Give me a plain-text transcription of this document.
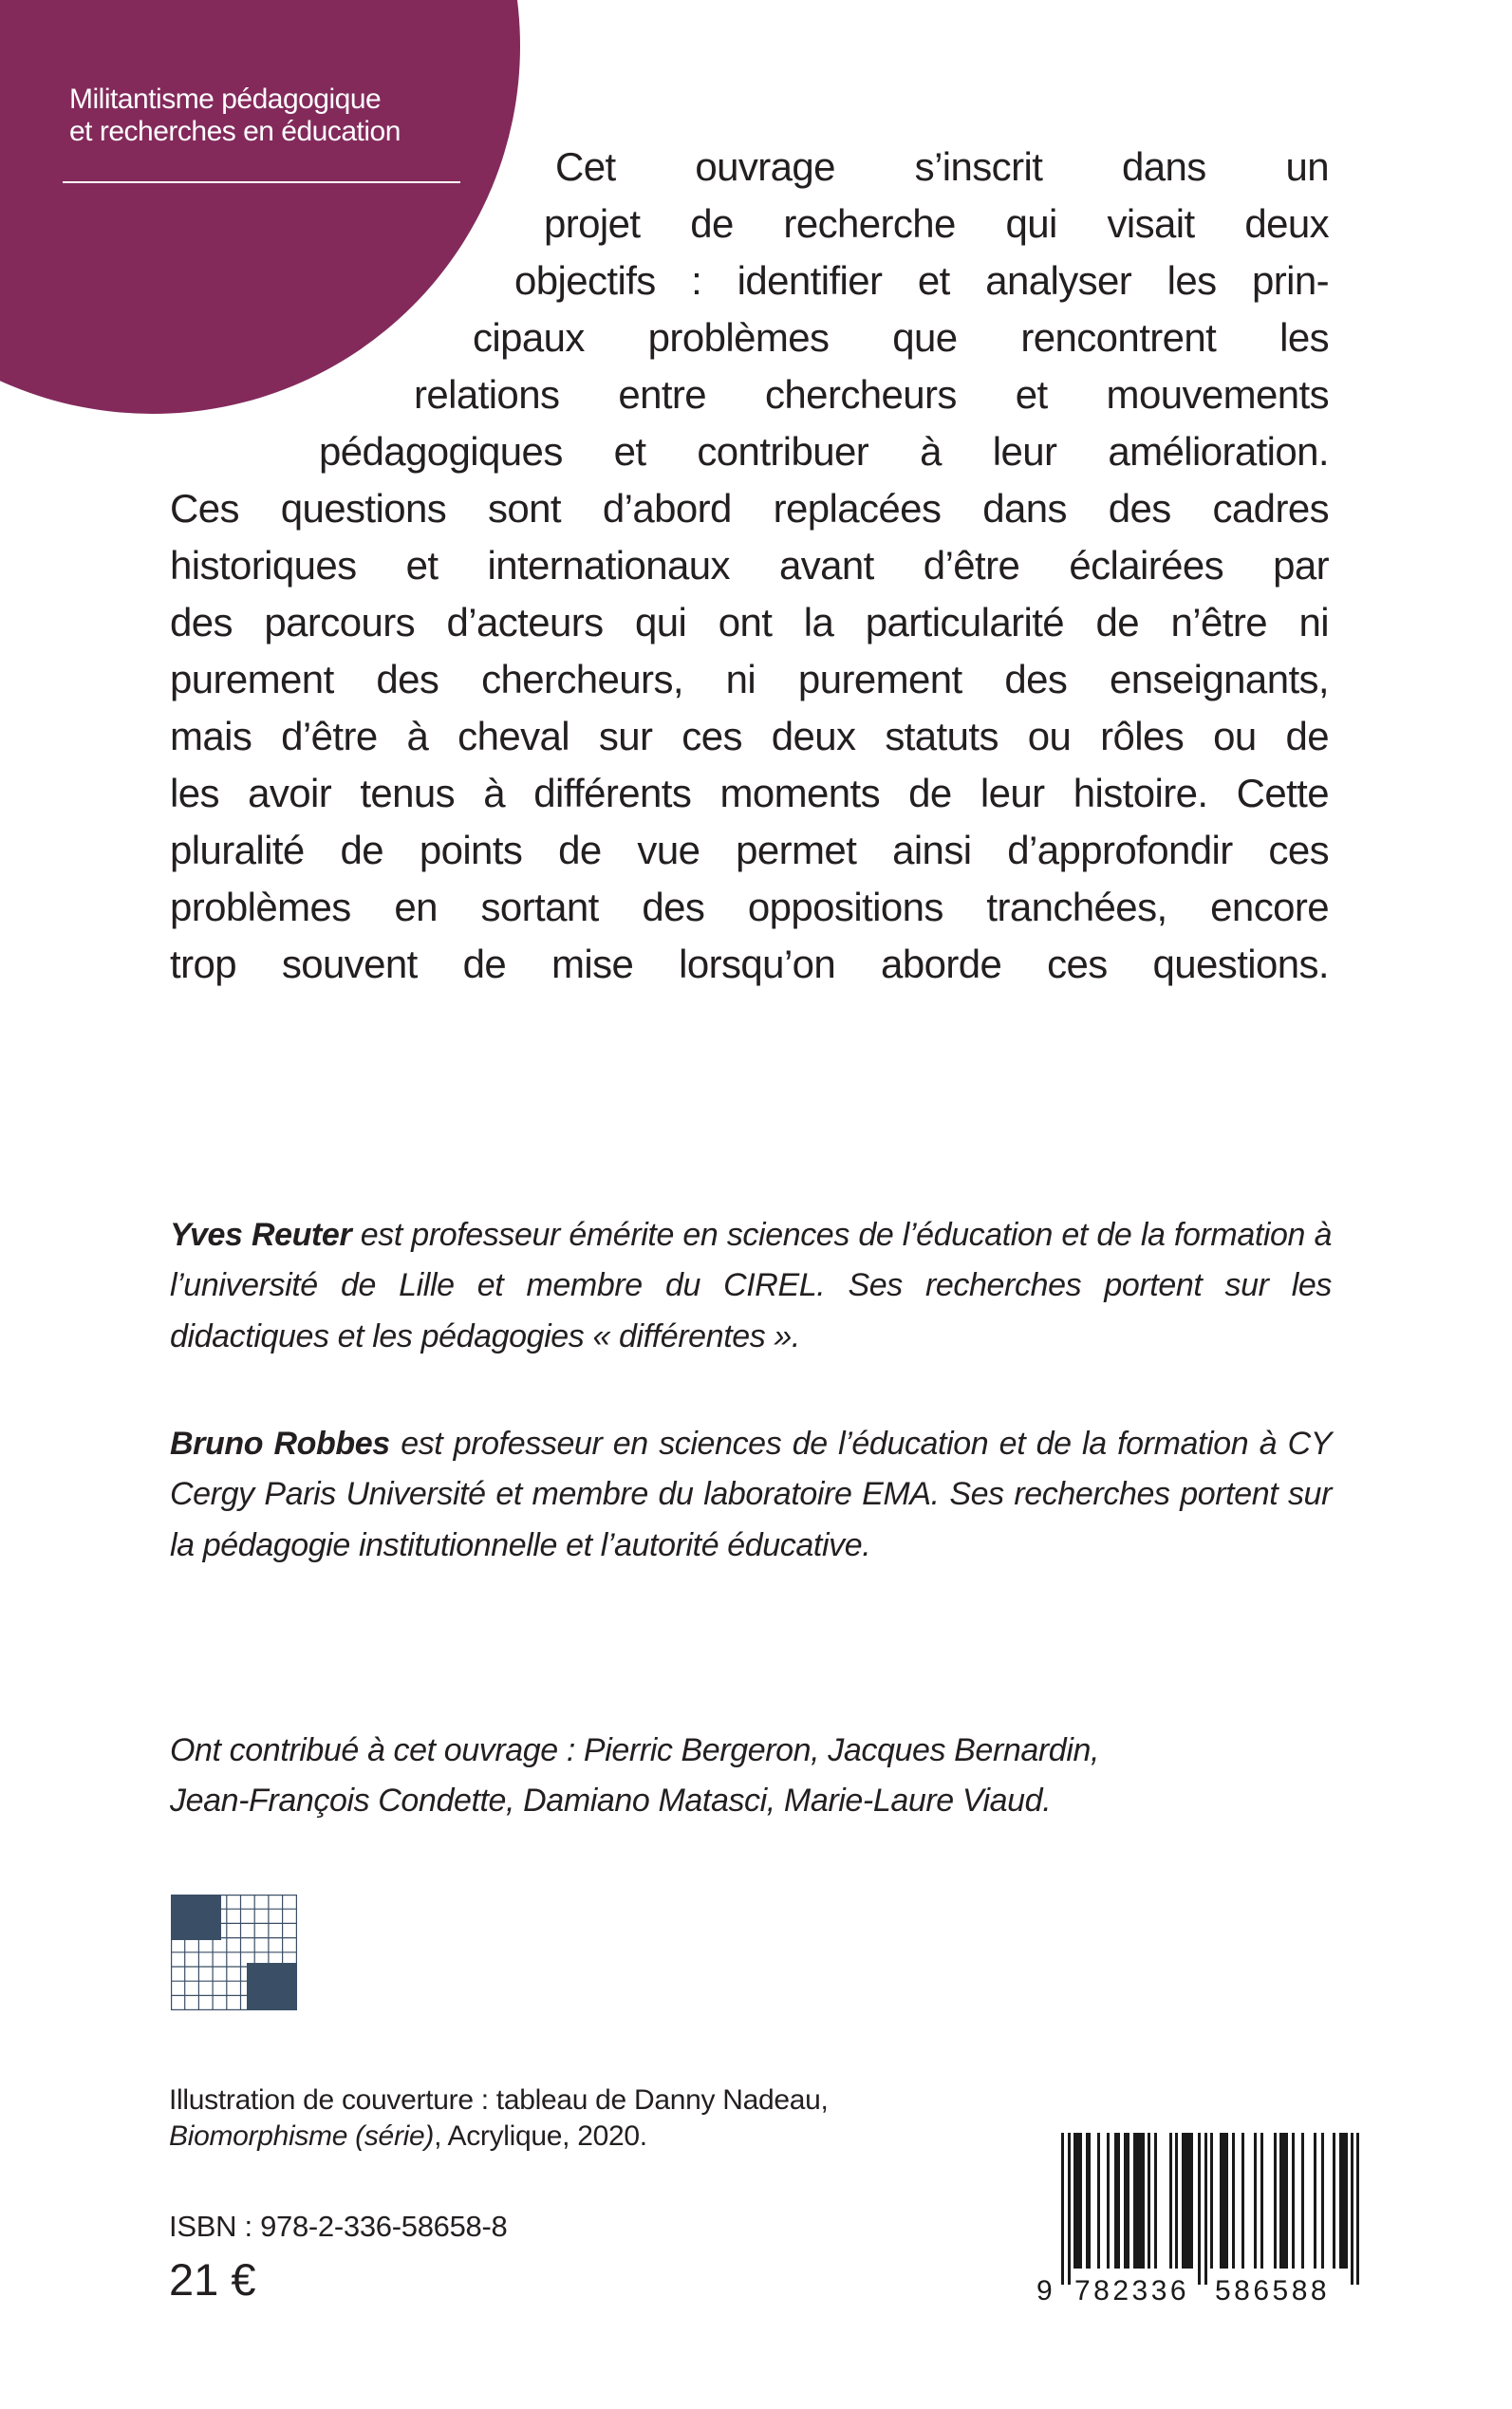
Militantisme pédagogique
et recherches en éducation
Cet ouvrage s’inscrit dans un
projet de recherche qui visait deux
objectifs : identifier et analyser les prin-
cipaux problèmes que rencontrent les
relations entre chercheurs et mouvements
pédagogiques et contribuer à leur amélioration.
Ces questions sont d’abord replacées dans des cadres
historiques et internationaux avant d’être éclairées par
des parcours d’acteurs qui ont la particularité de n’être ni
purement des chercheurs, ni purement des enseignants,
mais d’être à cheval sur ces deux statuts ou rôles ou de
les avoir tenus à différents moments de leur histoire. Cette
pluralité de points de vue permet ainsi d’approfondir ces
problèmes en sortant des oppositions tranchées, encore
trop souvent de mise lorsqu’on aborde ces questions.
Yves Reuter est professeur émérite en sciences de l’éducation et de la formation à l’université de Lille et membre du CIREL. Ses recherches portent sur les didactiques et les pédagogies « différentes ».
Bruno Robbes est professeur en sciences de l’éducation et de la formation à CY Cergy Paris Université et membre du laboratoire EMA. Ses recherches portent sur la pédagogie institutionnelle et l’autorité éducative.
Ont contribué à cet ouvrage : Pierric Bergeron, Jacques Bernardin,
Jean-François Condette, Damiano Matasci, Marie-Laure Viaud.
Illustration de couverture : tableau de Danny Nadeau,
Biomorphisme (série), Acrylique, 2020.
ISBN : 978-2-336-58658-8
21 €	9 782336 586588
